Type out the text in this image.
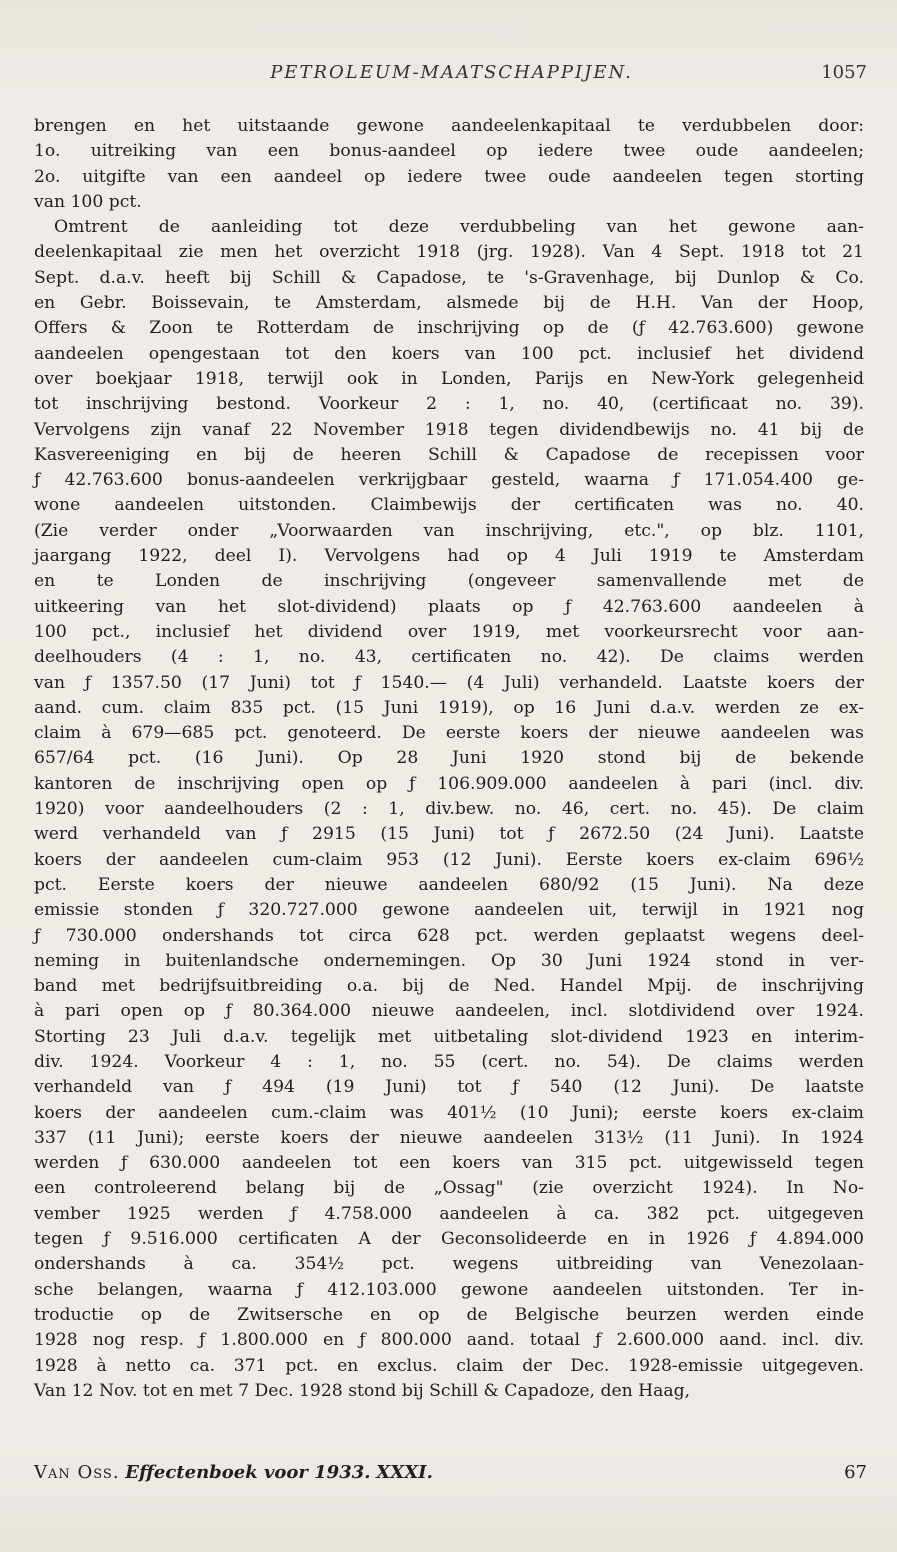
PETROLEUM-MAATSCHAPPIJEN.	1057
brengen en het uitstaande gewone aandeelenkapitaal te verdubbelen door:
1o. uitreiking van een bonus-aandeel op iedere twee oude aandeelen;
2o. uitgifte van een aandeel op iedere twee oude aandeelen tegen storting
van 100 pct.
Omtrent de aanleiding tot deze verdubbeling van het gewone aan-
deelenkapitaal zie men het overzicht 1918 (jrg. 1928). Van 4 Sept. 1918 tot 21
Sept. d.a.v. heeft bij Schill & Capadose, te 's-Gravenhage, bij Dunlop & Co.
en Gebr. Boissevain, te Amsterdam, alsmede bij de H.H. Van der Hoop,
Offers & Zoon te Rotterdam de inschrijving op de (ƒ 42.763.600) gewone
aandeelen opengestaan tot den koers van 100 pct. inclusief het dividend
over boekjaar 1918, terwijl ook in Londen, Parijs en New-York gelegenheid
tot inschrijving bestond. Voorkeur 2 : 1, no. 40, (certificaat no. 39).
Vervolgens zijn vanaf 22 November 1918 tegen dividendbewijs no. 41 bij de
Kasvereeniging en bij de heeren Schill & Capadose de recepissen voor
ƒ 42.763.600 bonus-aandeelen verkrijgbaar gesteld, waarna ƒ 171.054.400 ge-
wone aandeelen uitstonden. Claimbewijs der certificaten was no. 40.
(Zie verder onder „Voorwaarden van inschrijving, etc.", op blz. 1101,
jaargang 1922, deel I). Vervolgens had op 4 Juli 1919 te Amsterdam
en te Londen de inschrijving (ongeveer samenvallende met de
uitkeering van het slot-dividend) plaats op ƒ 42.763.600 aandeelen à
100 pct., inclusief het dividend over 1919, met voorkeursrecht voor aan-
deelhouders (4 : 1, no. 43, certificaten no. 42). De claims werden
van ƒ 1357.50 (17 Juni) tot ƒ 1540.— (4 Juli) verhandeld. Laatste koers der
aand. cum. claim 835 pct. (15 Juni 1919), op 16 Juni d.a.v. werden ze ex-
claim à 679—685 pct. genoteerd. De eerste koers der nieuwe aandeelen was
657/64 pct. (16 Juni). Op 28 Juni 1920 stond bij de bekende
kantoren de inschrijving open op ƒ 106.909.000 aandeelen à pari (incl. div.
1920) voor aandeelhouders (2 : 1, div.bew. no. 46, cert. no. 45). De claim
werd verhandeld van ƒ 2915 (15 Juni) tot ƒ 2672.50 (24 Juni). Laatste
koers der aandeelen cum-claim 953 (12 Juni). Eerste koers ex-claim 696½
pct. Eerste koers der nieuwe aandeelen 680/92 (15 Juni). Na deze
emissie stonden ƒ 320.727.000 gewone aandeelen uit, terwijl in 1921 nog
ƒ 730.000 ondershands tot circa 628 pct. werden geplaatst wegens deel-
neming in buitenlandsche ondernemingen. Op 30 Juni 1924 stond in ver-
band met bedrijfsuitbreiding o.a. bij de Ned. Handel Mpij. de inschrijving
à pari open op ƒ 80.364.000 nieuwe aandeelen, incl. slotdividend over 1924.
Storting 23 Juli d.a.v. tegelijk met uitbetaling slot-dividend 1923 en interim-
div. 1924. Voorkeur 4 : 1, no. 55 (cert. no. 54). De claims werden
verhandeld van ƒ 494 (19 Juni) tot ƒ 540 (12 Juni). De laatste
koers der aandeelen cum.-claim was 401½ (10 Juni); eerste koers ex-claim
337 (11 Juni); eerste koers der nieuwe aandeelen 313½ (11 Juni). In 1924
werden ƒ 630.000 aandeelen tot een koers van 315 pct. uitgewisseld tegen
een controleerend belang bij de „Ossag" (zie overzicht 1924). In No-
vember 1925 werden ƒ 4.758.000 aandeelen à ca. 382 pct. uitgegeven
tegen ƒ 9.516.000 certificaten A der Geconsolideerde en in 1926 ƒ 4.894.000
ondershands à ca. 354½ pct. wegens uitbreiding van Venezolaan-
sche belangen, waarna ƒ 412.103.000 gewone aandeelen uitstonden. Ter in-
troductie op de Zwitsersche en op de Belgische beurzen werden einde
1928 nog resp. ƒ 1.800.000 en ƒ 800.000 aand. totaal ƒ 2.600.000 aand. incl. div.
1928 à netto ca. 371 pct. en exclus. claim der Dec. 1928-emissie uitgegeven.
Van 12 Nov. tot en met 7 Dec. 1928 stond bij Schill & Capadoze, den Haag,
Van Oss. Effectenboek voor 1933. XXXI.	67
